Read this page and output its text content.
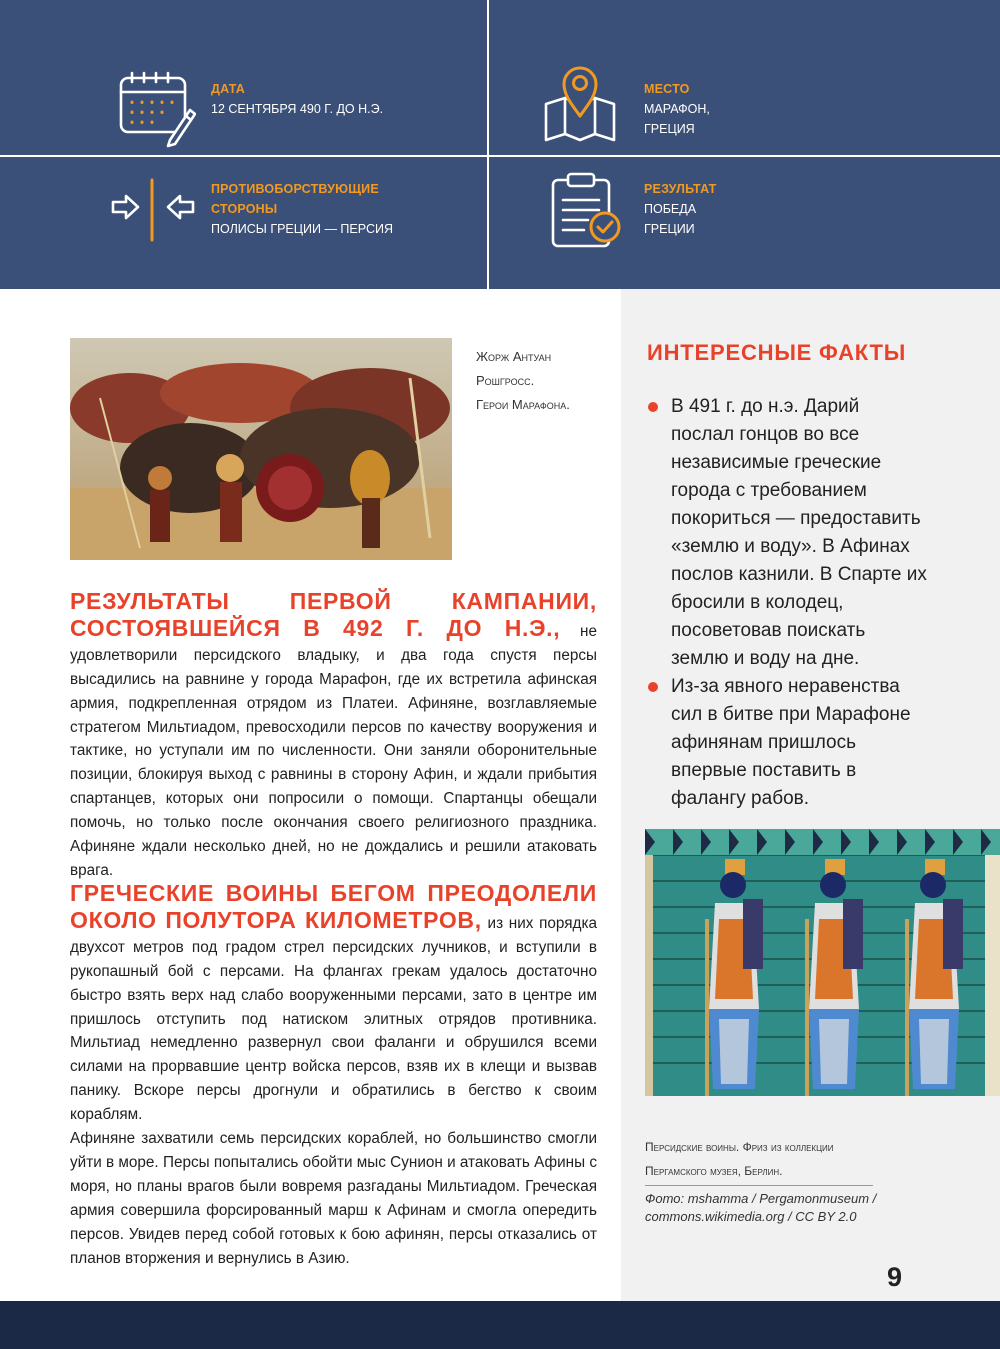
ДАТА
12 СЕНТЯБРЯ 490 Г. ДО Н.Э.
МЕСТО
МАРАФОН,
ГРЕЦИЯ
ПРОТИВОБОРСТВУЮЩИЕ
СТОРОНЫ
ПОЛИСЫ ГРЕЦИИ — ПЕРСИЯ
РЕЗУЛЬТАТ
ПОБЕДА
ГРЕЦИИ
ИНТЕРЕСНЫЕ ФАКТЫ
В 491 г. до н.э. Дарий послал гонцов во все независимые греческие города с требованием покориться — предоставить «землю и воду». В Афинах послов казнили. В Спарте их бросили в колодец, посоветовав поискать землю и воду на дне.
Из-за явного неравенства сил в битве при Марафоне афинянам пришлось впервые поставить в фалангу рабов.
Персидские воины. Фриз из коллекции Пергамского музея, Берлин.
Фото: mshamma / Pergamonmuseum / commons.wikimedia.org / CC BY 2.0
9
Жорж Антуан
Рошгросс.
Герои Марафона.
РЕЗУЛЬТАТЫ ПЕРВОЙ КАМПАНИИ, СОСТОЯВШЕЙСЯ В 492 Г. ДО Н.Э., не удовлетворили персидского владыку, и два года спустя персы высадились на равнине у города Марафон, где их встретила афинская армия, подкрепленная отрядом из Платеи. Афиняне, возглавляемые стратегом Мильтиадом, превосходили персов по качеству вооружения и тактике, но уступали им по численности. Они заняли оборонительные позиции, блокируя выход с равнины в сторону Афин, и ждали прибытия спартанцев, которых они попросили о помощи. Спартанцы обещали помочь, но только после окончания своего религиозного праздника. Афиняне ждали несколько дней, но не дождались и решили атаковать врага.
ГРЕЧЕСКИЕ ВОИНЫ БЕГОМ ПРЕОДОЛЕЛИ ОКОЛО ПОЛУТОРА КИЛОМЕТРОВ, из них порядка двухсот метров под градом стрел персидских лучников, и вступили в рукопашный бой с персами. На флангах грекам удалось достаточно быстро взять верх над слабо вооруженными персами, зато в центре им пришлось отступить под натиском элитных отрядов противника. Мильтиад немедленно развернул свои фаланги и обрушился всеми силами на прорвавшие центр войска персов, взяв их в клещи и вызвав панику. Вскоре персы дрогнули и обратились в бегство к своим кораблям.
Афиняне захватили семь персидских кораблей, но большинство смогли уйти в море. Персы попытались обойти мыс Сунион и атаковать Афины с моря, но планы врагов были вовремя разгаданы Мильтиадом. Греческая армия совершила форсированный марш к Афинам и смогла опередить персов. Увидев перед собой готовых к бою афинян, персы отказались от планов вторжения и вернулись в Азию.
